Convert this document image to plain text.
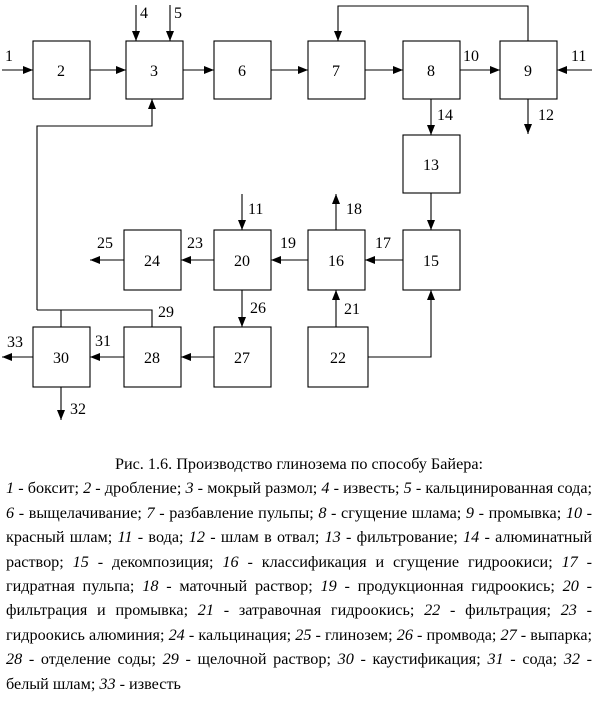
2	3	6	7	8	9
13
15
16
20
24
22
27
28
30
1
4 5
10	11
12
14
18
17
19
23
25
26	21
29
31
33
32
11

Рис. 1.6. Производство глинозема по способу Байера:

1 - боксит; 2 - дробление; 3 - мокрый размол; 4 - известь; 5 - кальцинированная сода; 6 - выщелачивание; 7 - разбавление пульпы; 8 - сгущение шлама; 9 - промывка; 10 - красный шлам; 11 - вода; 12 - шлам в отвал; 13 - фильтрование; 14 - алюминатный раствор; 15 - декомпозиция; 16 - классификация и сгущение гидроокиси; 17 - гидратная пульпа; 18 - маточный раствор; 19 - продукционная гидроокись; 20 - фильтрация и промывка; 21 - затравочная гидроокись; 22 - фильтрация; 23 - гидроокись алюминия; 24 - кальцинация; 25 - глинозем; 26 - промвода; 27 - выпарка; 28 - отделение соды; 29 - щелочной раствор; 30 - каустификация; 31 - сода; 32 - белый шлам; 33 - известь
